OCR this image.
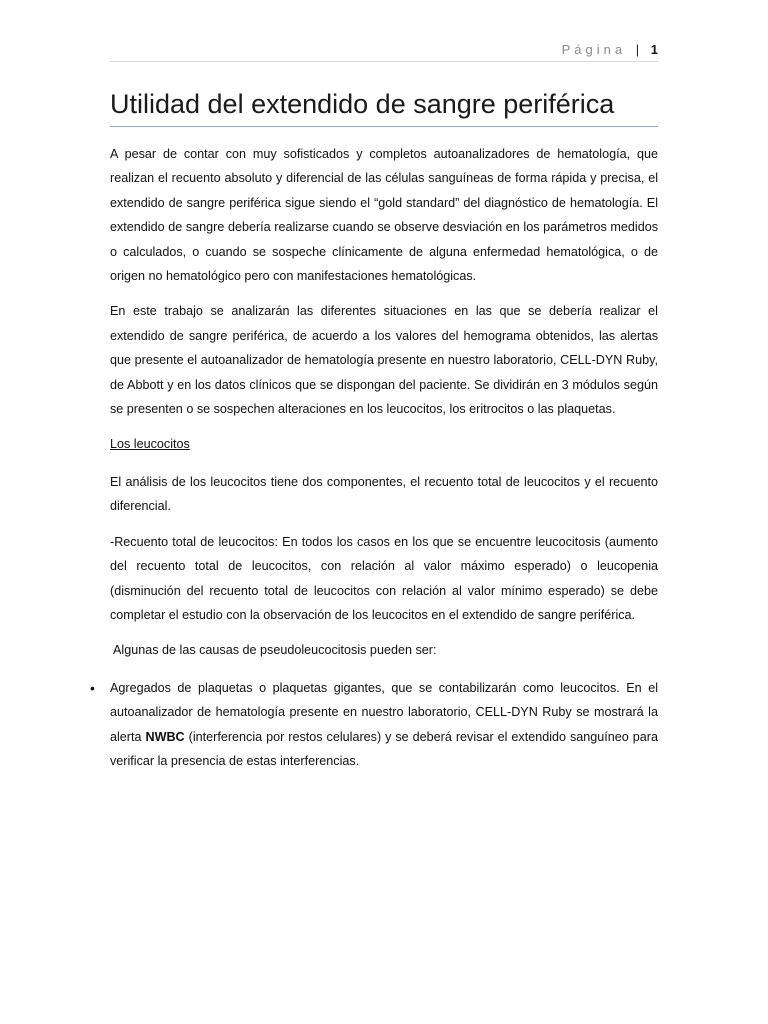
Página | 1
Utilidad del extendido de sangre periférica

A pesar de contar con muy sofisticados y completos autoanalizadores de hematología, que realizan el recuento absoluto y diferencial de las células sanguíneas de forma rápida y precisa, el extendido de sangre periférica sigue siendo el “gold standard” del diagnóstico de hematología. El extendido de sangre debería realizarse cuando se observe desviación en los parámetros medidos o calculados, o cuando se sospeche clínicamente de alguna enfermedad hematológica, o de origen no hematológico pero con manifestaciones hematológicas.

En este trabajo se analizarán las diferentes situaciones en las que se debería realizar el extendido de sangre periférica, de acuerdo a los valores del hemograma obtenidos, las alertas que presente el autoanalizador de hematología presente en nuestro laboratorio, CELL-DYN Ruby, de Abbott y en los datos clínicos que se dispongan del paciente. Se dividirán en 3 módulos según se presenten o se sospechen alteraciones en los leucocitos, los eritrocitos o las plaquetas.

Los leucocitos

El análisis de los leucocitos tiene dos componentes, el recuento total de leucocitos y el recuento diferencial.

-Recuento total de leucocitos: En todos los casos en los que se encuentre leucocitosis (aumento del recuento total de leucocitos, con relación al valor máximo esperado) o leucopenia (disminución del recuento total de leucocitos con relación al valor mínimo esperado) se debe completar el estudio con la observación de los leucocitos en el extendido de sangre periférica.

Algunas de las causas de pseudoleucocitosis pueden ser:

• Agregados de plaquetas o plaquetas gigantes, que se contabilizarán como leucocitos. En el autoanalizador de hematología presente en nuestro laboratorio, CELL-DYN Ruby se mostrará la alerta NWBC (interferencia por restos celulares) y se deberá revisar el extendido sanguíneo para verificar la presencia de estas interferencias.
